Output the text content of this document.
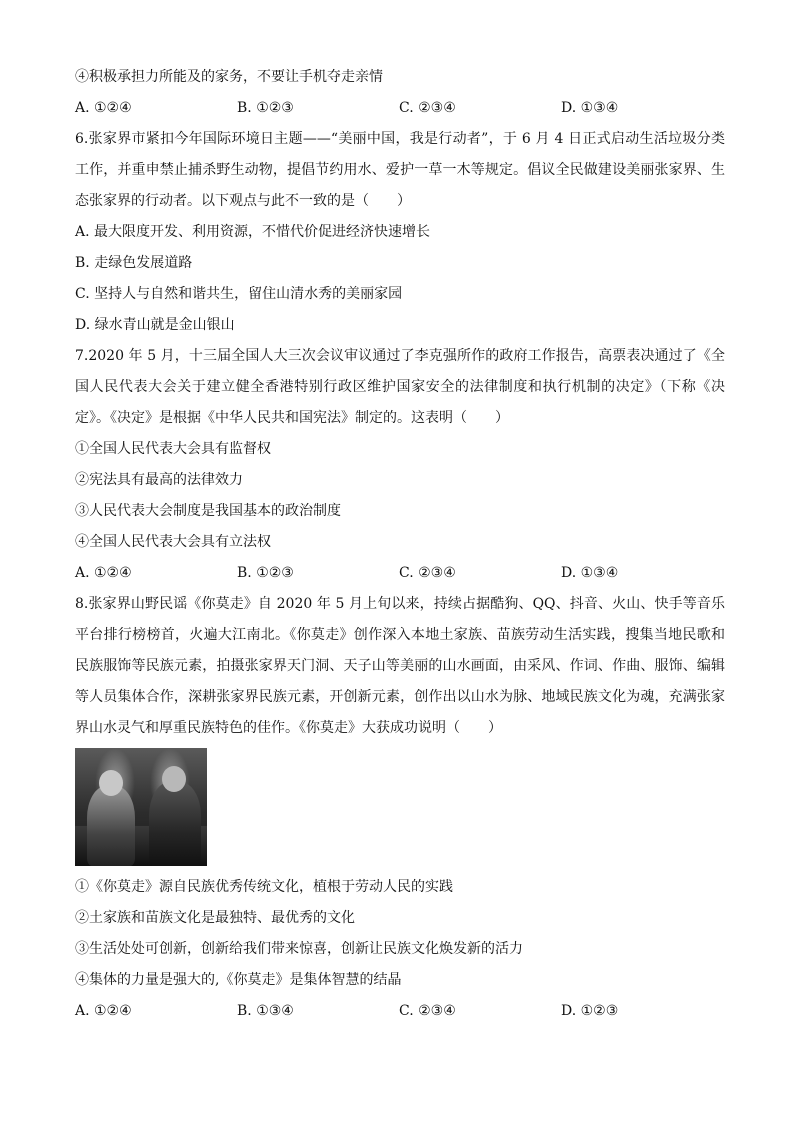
④积极承担力所能及的家务，不要让手机夺走亲情
A. ①②④	B. ①②③	C. ②③④	D. ①③④
6.张家界市紧扣今年国际环境日主题——“美丽中国，我是行动者”，于 6 月 4 日正式启动生活垃圾分类工作，并重申禁止捕杀野生动物，提倡节约用水、爱护一草一木等规定。倡议全民做建设美丽张家界、生态张家界的行动者。以下观点与此不一致的是（　　）
A. 最大限度开发、利用资源，不惜代价促进经济快速增长
B. 走绿色发展道路
C. 坚持人与自然和谐共生，留住山清水秀的美丽家园
D. 绿水青山就是金山银山
7.2020 年 5 月，十三届全国人大三次会议审议通过了李克强所作的政府工作报告，高票表决通过了《全国人民代表大会关于建立健全香港特别行政区维护国家安全的法律制度和执行机制的决定》（下称《决定》。《决定》是根据《中华人民共和国宪法》制定的。这表明（　　）
①全国人民代表大会具有监督权
②宪法具有最高的法律效力
③人民代表大会制度是我国基本的政治制度
④全国人民代表大会具有立法权
A. ①②④	B. ①②③	C. ②③④	D. ①③④
8.张家界山野民谣《你莫走》自 2020 年 5 月上旬以来，持续占据酷狗、QQ、抖音、火山、快手等音乐平台排行榜榜首，火遍大江南北。《你莫走》创作深入本地土家族、苗族劳动生活实践，搜集当地民歌和民族服饰等民族元素，拍摄张家界天门洞、天子山等美丽的山水画面，由采风、作词、作曲、服饰、编辑等人员集体合作，深耕张家界民族元素，开创新元素，创作出以山水为脉、地域民族文化为魂，充满张家界山水灵气和厚重民族特色的佳作。《你莫走》大获成功说明（　　）
①《你莫走》源自民族优秀传统文化，植根于劳动人民的实践
②土家族和苗族文化是最独特、最优秀的文化
③生活处处可创新，创新给我们带来惊喜，创新让民族文化焕发新的活力
④集体的力量是强大的,《你莫走》是集体智慧的结晶
A. ①②④	B. ①③④	C. ②③④	D. ①②③
